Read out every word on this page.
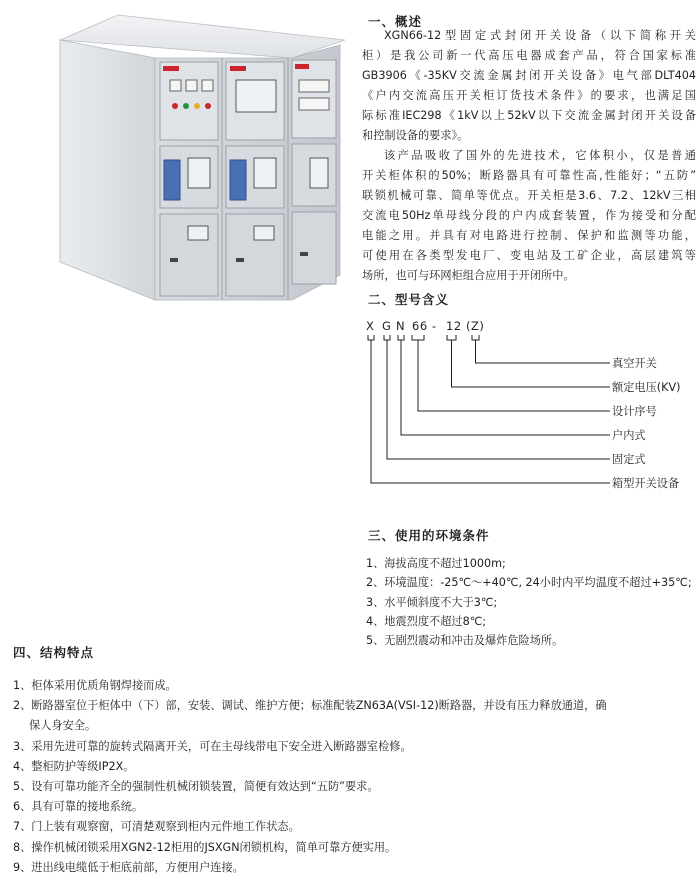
一、概述

XGN66-12型固定式封闭开关设备（以下简称开关

柜）是我公司新一代高压电器成套产品，符合国家标准

GB3906《-35KV交流金属封闭开关设备》电气部DLT404

《户内交流高压开关柜订货技术条件》的要求，也满足国

际标准IEC298《1kV以上52kV以下交流金属封闭开关设备

和控制设备的要求》。

该产品吸收了国外的先进技术，它体积小，仅是普通

开关柜体积的50%；断路器具有可靠性高,性能好；“五防”

联锁机械可靠、简单等优点。开关柜是3.6、7.2、12kV三相

交流电50Hz单母线分段的户内成套装置，作为接受和分配

电能之用。并具有对电路进行控制、保护和监测等功能，

可使用在各类型发电厂、变电站及工矿企业，高层建筑等

场所，也可与环网柜组合应用于开闭所中。

二、型号含义
X G N 66 - 12 (Z)
真空开关
额定电压(KV)
设计序号
户内式
固定式
箱型开关设备
三、使用的环境条件
1、海拔高度不超过1000m;
2、环境温度：-25℃～+40℃, 24小时内平均温度不超过+35℃;
3、水平倾斜度不大于3℃;
4、地震烈度不超过8℃;
5、无剧烈震动和冲击及爆炸危险场所。
四、结构特点
1、柜体采用优质角钢焊接而成。
2、断路器室位于柜体中（下）部，安装、调试、维护方便；标准配装ZN63A(VSI-12)断路器，并设有压力释放通道，确
保人身安全。
3、采用先进可靠的旋转式隔离开关，可在主母线带电下安全进入断路器室检修。
4、整柜防护等级IP2X。
5、设有可靠功能齐全的强制性机械闭锁装置，简便有效达到“五防”要求。
6、具有可靠的接地系统。
7、门上装有观察窗，可清楚观察到柜内元件地工作状态。
8、操作机械闭锁采用XGN2-12柜用的JSXGN闭锁机构，简单可靠方便实用。
9、进出线电缆低于柜底前部，方便用户连接。
